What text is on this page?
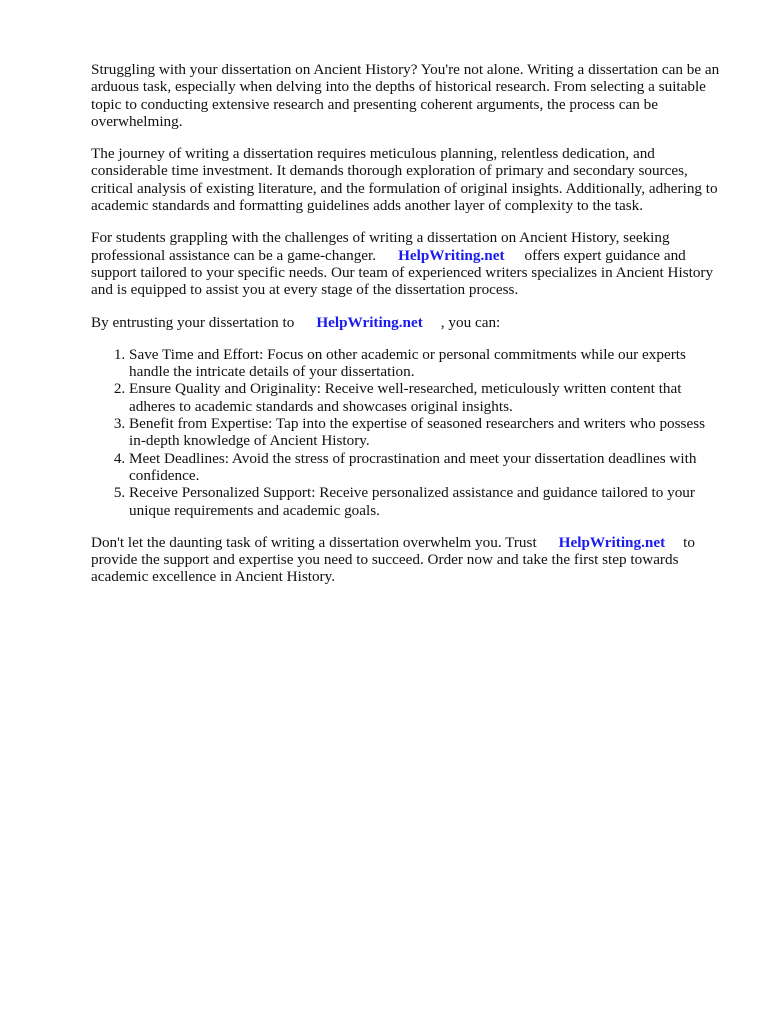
Struggling with your dissertation on Ancient History? You're not alone. Writing a dissertation can be an arduous task, especially when delving into the depths of historical research. From selecting a suitable topic to conducting extensive research and presenting coherent arguments, the process can be overwhelming.

The journey of writing a dissertation requires meticulous planning, relentless dedication, and considerable time investment. It demands thorough exploration of primary and secondary sources, critical analysis of existing literature, and the formulation of original insights. Additionally, adhering to academic standards and formatting guidelines adds another layer of complexity to the task.

For students grappling with the challenges of writing a dissertation on Ancient History, seeking professional assistance can be a game-changer. HelpWriting.net offers expert guidance and support tailored to your specific needs. Our team of experienced writers specializes in Ancient History and is equipped to assist you at every stage of the dissertation process.

By entrusting your dissertation to HelpWriting.net , you can:

1. Save Time and Effort: Focus on other academic or personal commitments while our experts handle the intricate details of your dissertation.
2. Ensure Quality and Originality: Receive well-researched, meticulously written content that adheres to academic standards and showcases original insights.
3. Benefit from Expertise: Tap into the expertise of seasoned researchers and writers who possess in-depth knowledge of Ancient History.
4. Meet Deadlines: Avoid the stress of procrastination and meet your dissertation deadlines with confidence.
5. Receive Personalized Support: Receive personalized assistance and guidance tailored to your unique requirements and academic goals.

Don't let the daunting task of writing a dissertation overwhelm you. Trust HelpWriting.net to provide the support and expertise you need to succeed. Order now and take the first step towards academic excellence in Ancient History.
